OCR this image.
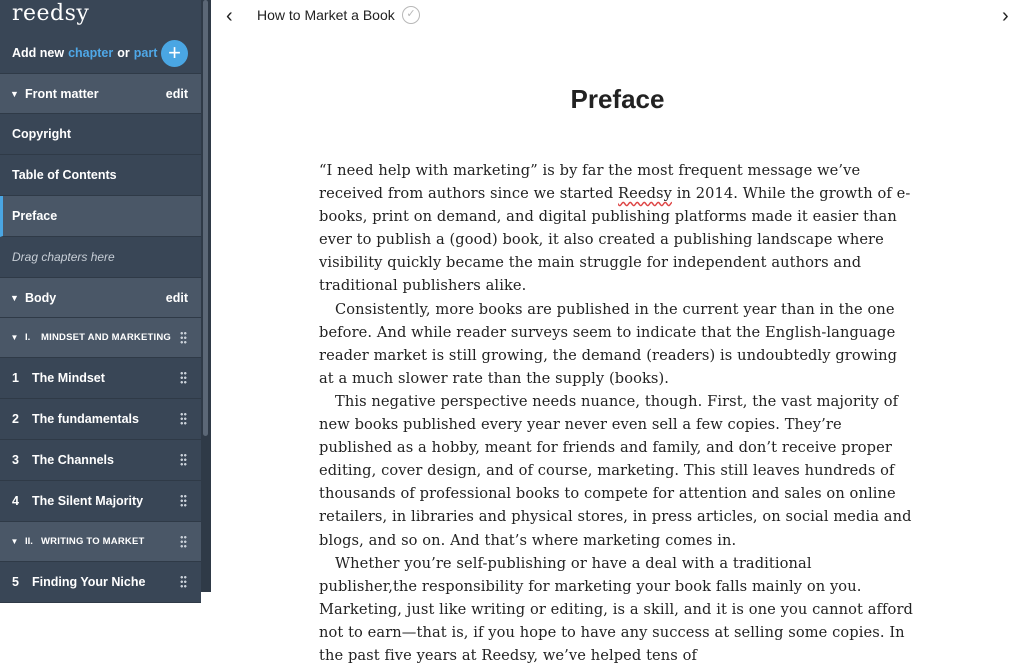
reedsy
Add new chapter or part +
▼ Front matter	edit
Copyright
Table of Contents
Preface
Drag chapters here
▼ Body	edit
▼ I.	MINDSET AND MARKETING
1	The Mindset
2	The fundamentals
3	The Channels
4	The Silent Majority
▼ II. WRITING TO MARKET
5	Finding Your Niche
‹	How to Market a Book	✓	›
Preface

“I need help with marketing” is by far the most frequent message we’ve received from authors since we started Reedsy in 2014. While the growth of e-books, print on demand, and digital publishing platforms made it easier than ever to publish a (good) book, it also created a publishing landscape where visibility quickly became the main struggle for independent authors and traditional publishers alike.

Consistently, more books are published in the current year than in the one before. And while reader surveys seem to indicate that the English-language reader market is still growing, the demand (readers) is undoubtedly growing at a much slower rate than the supply (books).

This negative perspective needs nuance, though. First, the vast majority of new books published every year never even sell a few copies. They’re published as a hobby, meant for friends and family, and don’t receive proper editing, cover design, and of course, marketing. This still leaves hundreds of thousands of professional books to compete for attention and sales on online retailers, in libraries and physical stores, in press articles, on social media and blogs, and so on. And that’s where marketing comes in.

Whether you’re self-publishing or have a deal with a traditional publisher,the responsibility for marketing your book falls mainly on you. Marketing, just like writing or editing, is a skill, and it is one you cannot afford not to earn—that is, if you hope to have any success at selling some copies. In the past five years at Reedsy, we’ve helped tens of
